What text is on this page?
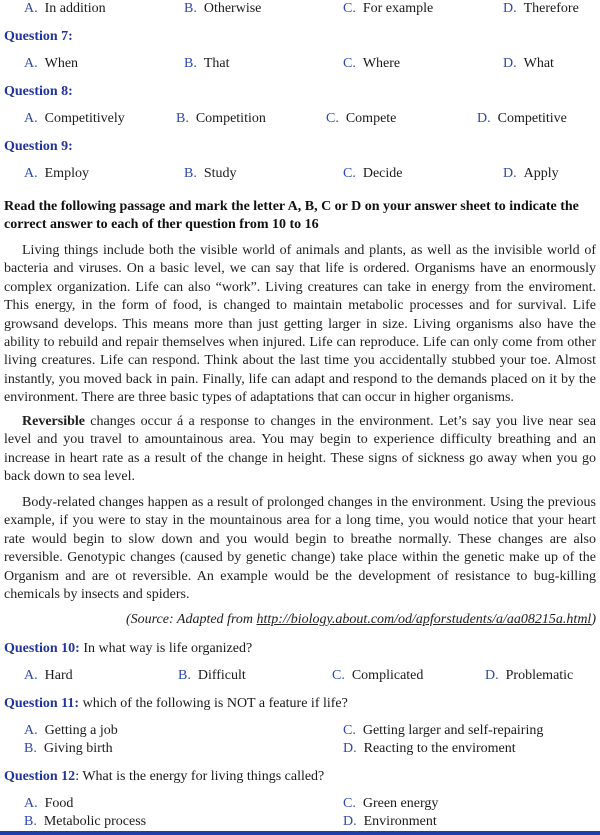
A. In addition	B. Otherwise	C. For example	D. Therefore
Question 7:
A. When	B. That	C. Where	D. What
Question 8:
A. Competitively	B. Competition	C. Compete	D. Competitive
Question 9:
A. Employ	B. Study	C. Decide	D. Apply
Read the following passage and mark the letter A, B, C or D on your answer sheet to indicate the correct answer to each of ther question from 10 to 16
Living things include both the visible world of animals and plants, as well as the invisible world of bacteria and viruses. On a basic level, we can say that life is ordered. Organisms have an enormously complex organization. Life can also “work”. Living creatures can take in energy from the enviroment. This energy, in the form of food, is changed to maintain metabolic processes and for survival. Life growsand develops. This means more than just getting larger in size. Living organisms also have the ability to rebuild and repair themselves when injured. Life can reproduce. Life can only come from other living creatures. Life can respond. Think about the last time you accidentally stubbed your toe. Almost instantly, you moved back in pain. Finally, life can adapt and respond to the demands placed on it by the environment. There are three basic types of adaptations that can occur in higher organisms.
Reversible changes occur á a response to changes in the environment. Let’s say you live near sea level and you travel to amountainous area. You may begin to experience difficulty breathing and an increase in heart rate as a result of the change in height. These signs of sickness go away when you go back down to sea level.
Body-related changes happen as a result of prolonged changes in the environment. Using the previous example, if you were to stay in the mountainous area for a long time, you would notice that your heart rate would begin to slow down and you would begin to breathe normally. These changes are also reversible. Genotypic changes (caused by genetic change) take place within the genetic make up of the Organism and are ot reversible. An example would be the development of resistance to bug-killing chemicals by insects and spiders.
(Source: Adapted from http://biology.about.com/od/apforstudents/a/aa08215a.html)
Question 10: In what way is life organized?
A. Hard	B. Difficult	C. Complicated	D. Problematic
Question 11: which of the following is NOT a feature if life?
A. Getting a job	C. Getting larger and self-repairing
B. Giving birth	D. Reacting to the enviroment
Question 12: What is the energy for living things called?
A. Food	C. Green energy
B. Metabolic process	D. Environment
